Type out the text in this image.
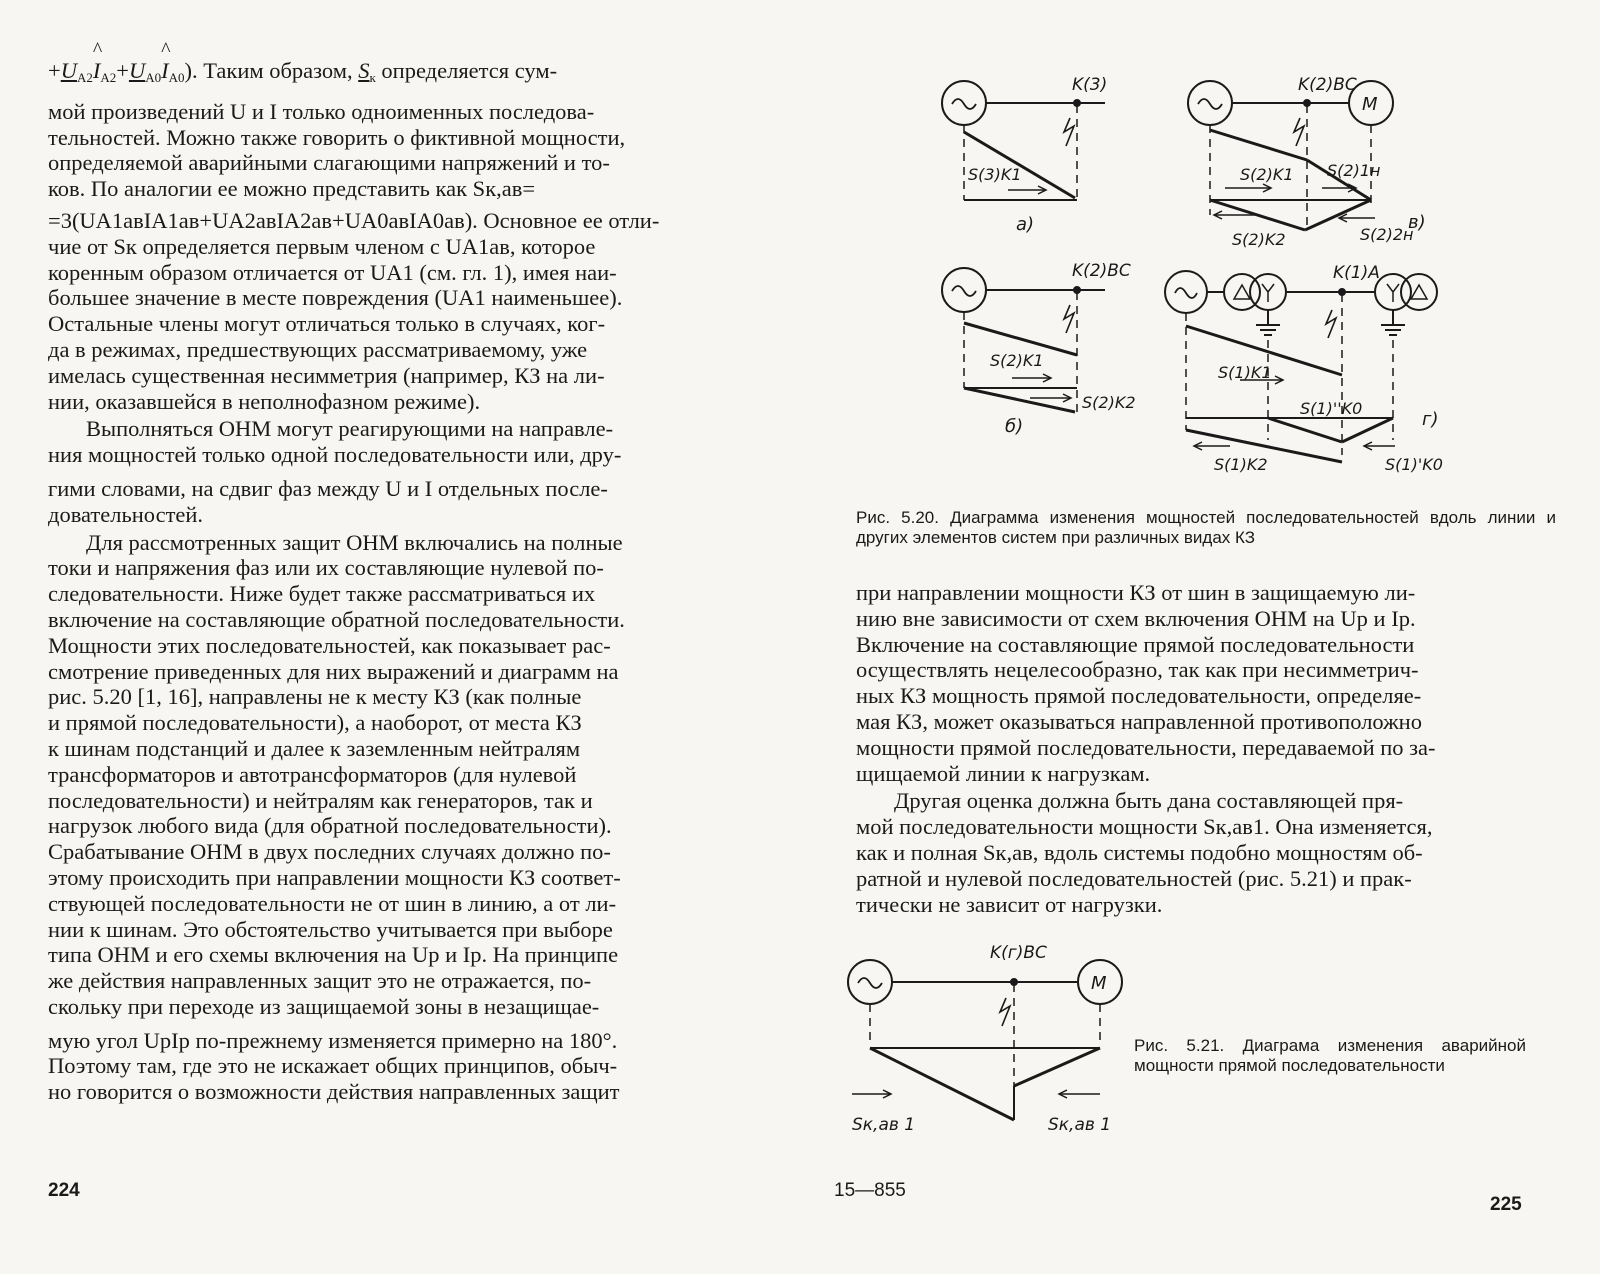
$+U_{A2}\^{}$ $I_{A2}+U_{A0}\^{}$ $I_{A0}$). Таким образом, $S_к$ определяется сум-

мой произведений U и I только одноименных последова-

тельностей. Можно также говорить о фиктивной мощности,

определяемой аварийными слагающими напряжений и то-

ков. По аналогии ее можно представить как Sк,ав=

=3(UA1авIA1ав+UA2авIA2ав+UA0авIA0ав). Основное ее отли-

чие от Sк определяется первым членом с UA1ав, которое

коренным образом отличается от UA1 (см. гл. 1), имея наи-

большее значение в месте повреждения (UA1 наименьшее).

Остальные члены могут отличаться только в случаях, ког-

да в режимах, предшествующих рассматриваемому, уже

имелась существенная несимметрия (например, КЗ на ли-

нии, оказавшейся в неполнофазном режиме).

Выполняться ОНМ могут реагирующими на направле-

ния мощностей только одной последовательности или, дру-

гими словами, на сдвиг фаз между U и I отдельных после-

довательностей.

Для рассмотренных защит ОНМ включались на полные

токи и напряжения фаз или их составляющие нулевой по-

следовательности. Ниже будет также рассматриваться их

включение на составляющие обратной последовательности.

Мощности этих последовательностей, как показывает рас-

смотрение приведенных для них выражений и диаграмм на

рис. 5.20 [1, 16], направлены не к месту КЗ (как полные

и прямой последовательности), а наоборот, от места КЗ

к шинам подстанций и далее к заземленным нейтралям

трансформаторов и автотрансформаторов (для нулевой

последовательности) и нейтралям как генераторов, так и

нагрузок любого вида (для обратной последовательности).

Срабатывание ОНМ в двух последних случаях должно по-

этому происходить при направлении мощности КЗ соответ-

ствующей последовательности не от шин в линию, а от ли-

нии к шинам. Это обстоятельство учитывается при выборе

типа ОНМ и его схемы включения на Uр и Iр. На принципе

же действия направленных защит это не отражается, по-

скольку при переходе из защищаемой зоны в незащищае-

мую угол UрIр по-прежнему изменяется примерно на 180°.

Поэтому там, где это не искажает общих принципов, обыч-

но говорится о возможности действия направленных защит

224
K(3)
S(3)K1
а)
M
K(2)BC
S(2)K1 S(2)1н
S(2)K2	S(2)2н
в)
K(2)BC
S(2)K1
S(2)K2
б)
K(1)A
S(1)K1
S(1)''K0
S(1)K2	S(1)'K0
г)
Рис. 5.20. Диаграмма изменения мощностей последовательностей вдоль линии и других элементов систем при различных видах КЗ

при направлении мощности КЗ от шин в защищаемую ли-

нию вне зависимости от схем включения ОНМ на Uр и Iр.

Включение на составляющие прямой последовательности

осуществлять нецелесообразно, так как при несимметрич-

ных КЗ мощность прямой последовательности, определяе-

мая КЗ, может оказываться направленной противоположно

мощности прямой последовательности, передаваемой по за-

щищаемой линии к нагрузкам.

Другая оценка должна быть дана составляющей пря-

мой последовательности мощности Sк,ав1. Она изменяется,

как и полная Sк,ав, вдоль системы подобно мощностям об-

ратной и нулевой последовательностей (рис. 5.21) и прак-

тически не зависит от нагрузки.

M
K(г)BC
Sк,ав 1	Sк,ав 1
Рис. 5.21. Диаграма изменения аварийной мощности прямой последовательности
15—855
225
